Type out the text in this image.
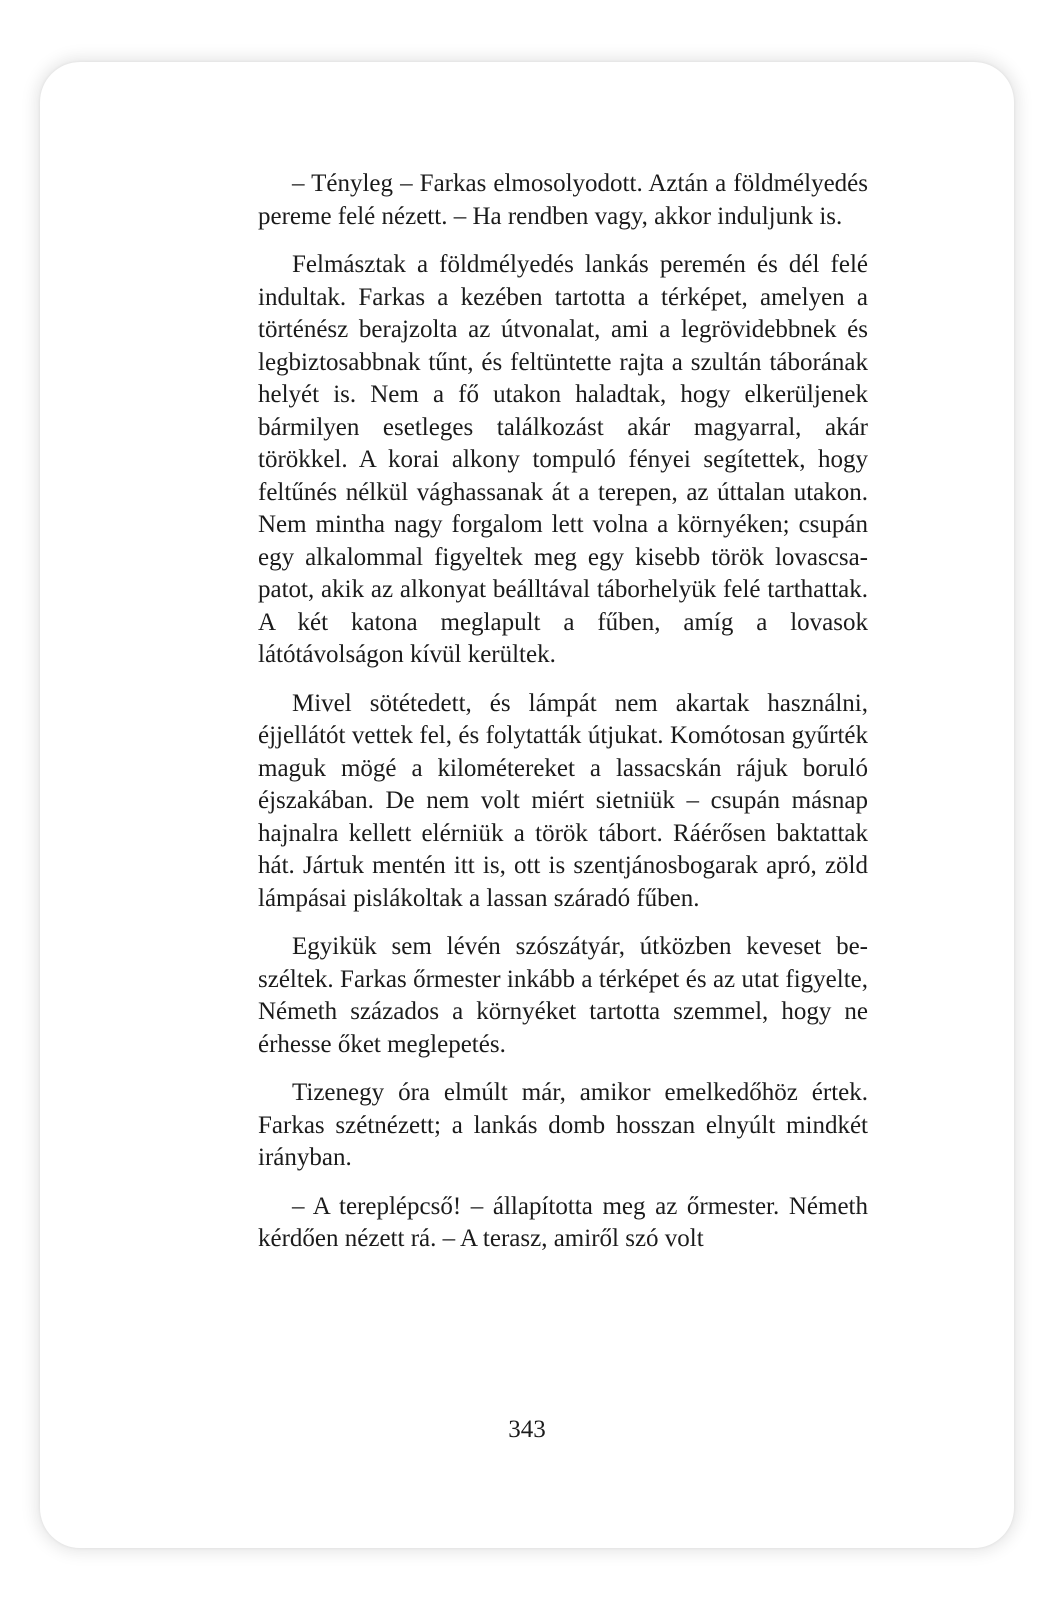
– Tényleg – Farkas elmosolyodott. Aztán a földmélyedés pereme felé nézett. – Ha rendben vagy, akkor induljunk is.

Felmásztak a földmélyedés lankás peremén és dél felé indultak. Farkas a kezében tartotta a térképet, amelyen a történész berajzolta az útvonalat, ami a legrövidebbnek és legbiztosabbnak tűnt, és feltüntette rajta a szultán táborának helyét is. Nem a fő utakon haladtak, hogy elkerüljenek bármilyen esetleges találkozást akár magyarral, akár törökkel. A korai alkony tompuló fényei segítettek, hogy feltűnés nélkül vághassanak át a terepen, az úttalan utakon. Nem mintha nagy forgalom lett volna a környéken; csupán egy alkalommal figyeltek meg egy kisebb török lovascsapatot, akik az alkonyat beálltával táborhelyük felé tarthattak. A két katona meglapult a fűben, amíg a lovasok látótávolságon kívül kerültek.

Mivel sötétedett, és lámpát nem akartak használni, éjjellátót vettek fel, és folytatták útjukat. Komótosan gyűrték maguk mögé a kilométereket a lassacskán rájuk boruló éjszakában. De nem volt miért sietniük – csupán másnap hajnalra kellett elérniük a török tábort. Ráérősen baktattak hát. Jártuk mentén itt is, ott is szentjánosbogarak apró, zöld lámpásai pislákoltak a lassan száradó fűben.

Egyikük sem lévén szószátyár, útközben keveset beszéltek. Farkas őrmester inkább a térképet és az utat figyelte, Németh százados a környéket tartotta szemmel, hogy ne érhesse őket meglepetés.

Tizenegy óra elmúlt már, amikor emelkedőhöz értek. Farkas szétnézett; a lankás domb hosszan elnyúlt mindkét irányban.

– A tereplépcső! – állapította meg az őrmester. Németh kérdően nézett rá. – A terasz, amiről szó volt

343
